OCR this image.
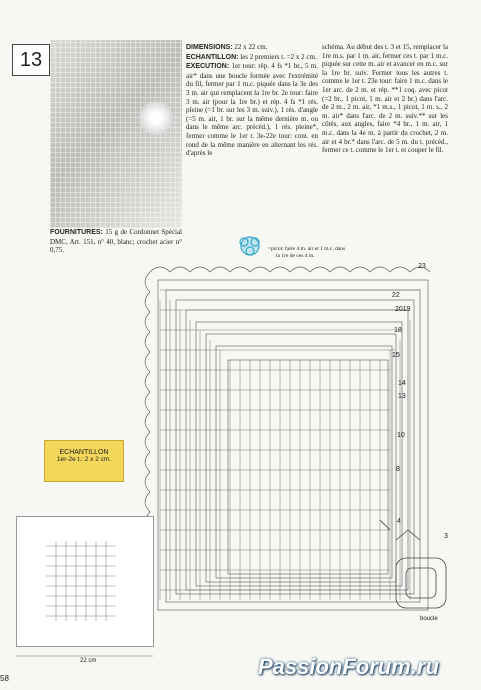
13
DIMENSIONS: 22 x 22 cm.
ECHANTILLON: les 2 premiers t. =2 x 2 cm.
EXECUTION: 1er tour: rép. 4 fs *1 br., 5 m. air* dans une boucle formée avec l'extrémité du fil, fermer par 1 m.c. piquée dans la 3e des 3 m. air qui remplacent la 1re br. 2e tour: faire 3 m. air (pour la 1re br.) et rép. 4 fs *1 rés. pleine (=1 br. sur les 3 m. suiv.), 1 rés. d'angle (=5 m. air, 1 br. sur la même dernière m. ou dans le même arc. précéd.), 1 rés. pleine*, fermer comme le 1er t. 3e-22e tour: cont. en rond de la même manière en alternant les rés. d'après le
schéma. Au début des t. 3 et 15, remplacer la 1re m.s. par 1 m. air, fermer ces t. par 1 m.c. piquée sur cette m. air et avancer en m.c. sur la 1re br. suiv. Fermer tous les autres t. comme le 1er t. 23e tour: faire 1 m.c. dans le 1er arc. de 2 m. et rép. **1 coq. avec picot (=2 br., 1 picot, 1 m. air et 2 br.) dans l'arc. de 2 m., 2 m. air, *1 m.s., 1 picot, 1 m. s., 2 m. air* dans l'arc. de 2 m. suiv.** sur les côtés, aux angles, faire *4 br., 1 m. air, 1 m.c. dans la 4e m. à partir du crochet, 2 m. air et 4 br.* dans l'arc. de 5 m. du t. précéd., fermer ce t. comme le 1er t. et couper le fil.
FOURNITURES: 15 g de Cordonnet Spécial DMC, Art. 151, n° 40, blanc; crochet acier n° 0,75.	=picot: faire 4 m. air et 1 m.c. dans
la 1re de ces 4 m.
23
22
2019
18
15
14
13
10
8
4
3
boucle
ECHANTILLON
1er-2e t.: 2 x 2 cm.
22 cm
58	PassionForum.ru
